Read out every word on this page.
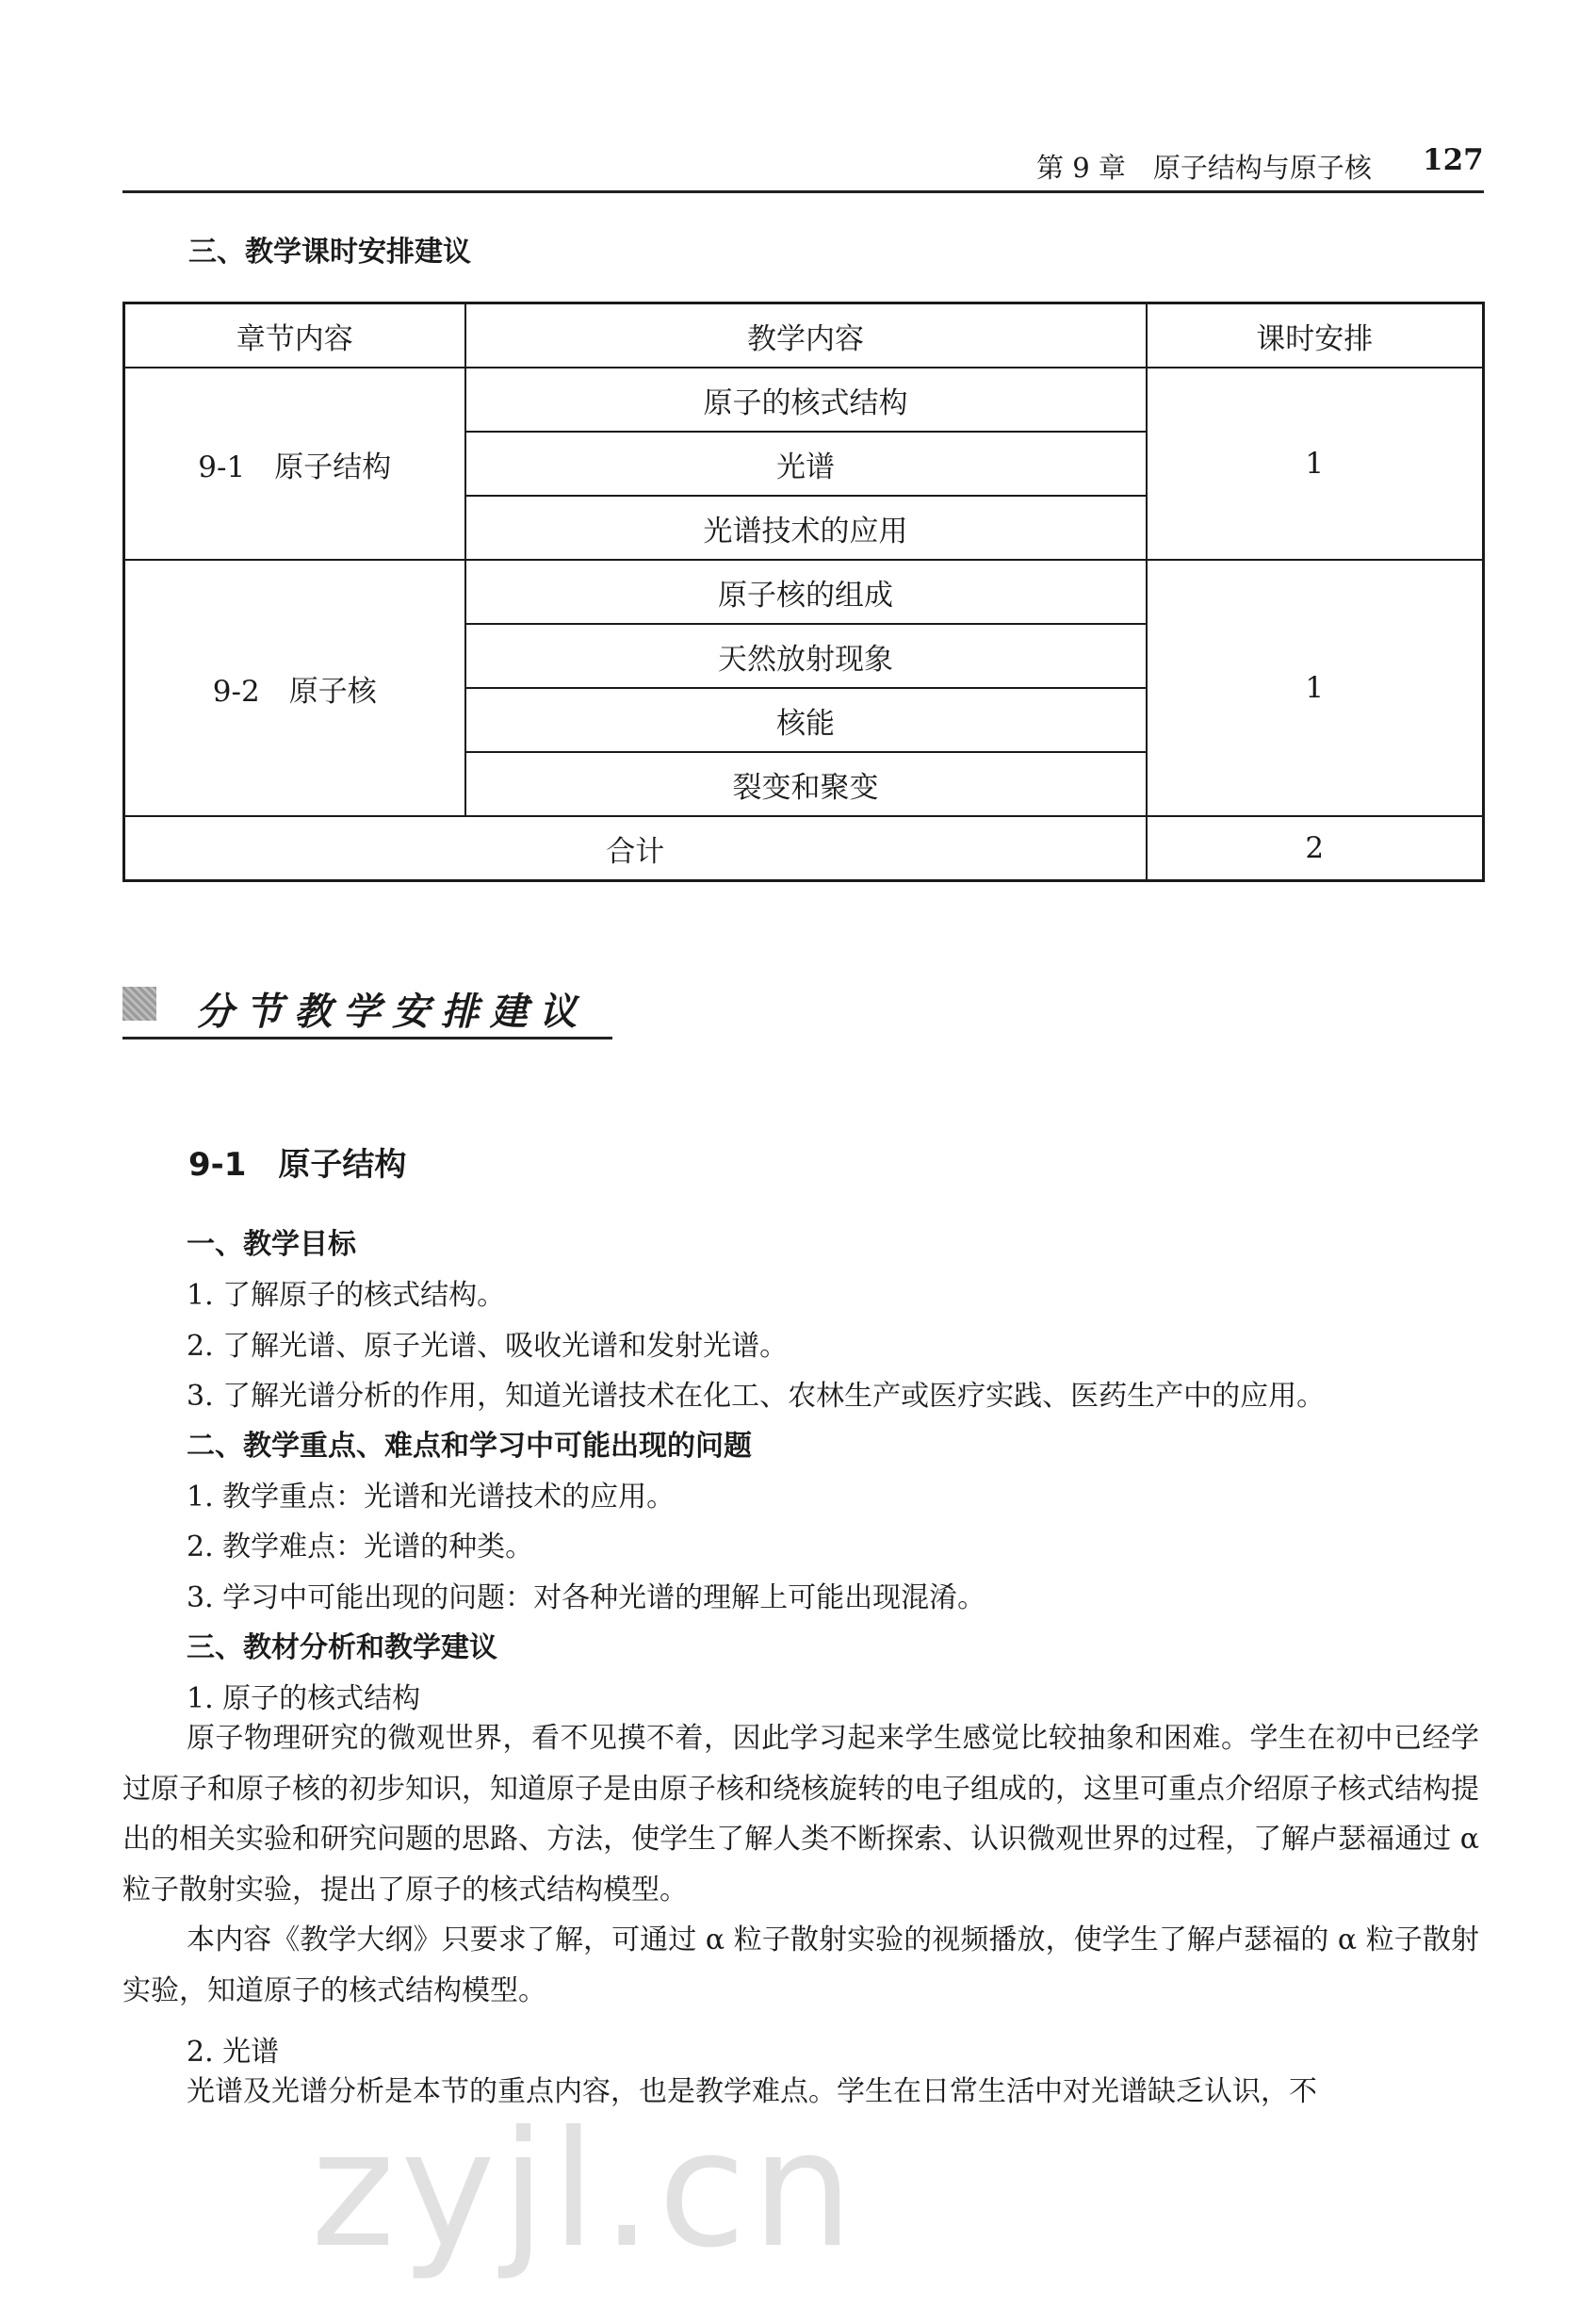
第 9 章　原子结构与原子核 127
三、教学课时安排建议
章节内容	教学内容	课时安排
9-1　原子结构	原子的核式结构	1
	光谱	
	光谱技术的应用	
9-2　原子核	原子核的组成	1
	天然放射现象	
	核能	
	裂变和聚变	
合计		2
分节教学安排建议
9-1　原子结构
一、教学目标
1. 了解原子的核式结构。
2. 了解光谱、原子光谱、吸收光谱和发射光谱。
3. 了解光谱分析的作用，知道光谱技术在化工、农林生产或医疗实践、医药生产中的应用。
二、教学重点、难点和学习中可能出现的问题
1. 教学重点：光谱和光谱技术的应用。
2. 教学难点：光谱的种类。
3. 学习中可能出现的问题：对各种光谱的理解上可能出现混淆。
三、教材分析和教学建议
1. 原子的核式结构

原子物理研究的微观世界，看不见摸不着，因此学习起来学生感觉比较抽象和困难。学生在初中已经学过原子和原子核的初步知识，知道原子是由原子核和绕核旋转的电子组成的，这里可重点介绍原子核式结构提出的相关实验和研究问题的思路、方法，使学生了解人类不断探索、认识微观世界的过程，了解卢瑟福通过 α 粒子散射实验，提出了原子的核式结构模型。

本内容《教学大纲》只要求了解，可通过 α 粒子散射实验的视频播放，使学生了解卢瑟福的 α 粒子散射实验，知道原子的核式结构模型。

2. 光谱

光谱及光谱分析是本节的重点内容，也是教学难点。学生在日常生活中对光谱缺乏认识，不

zyjl.cn
